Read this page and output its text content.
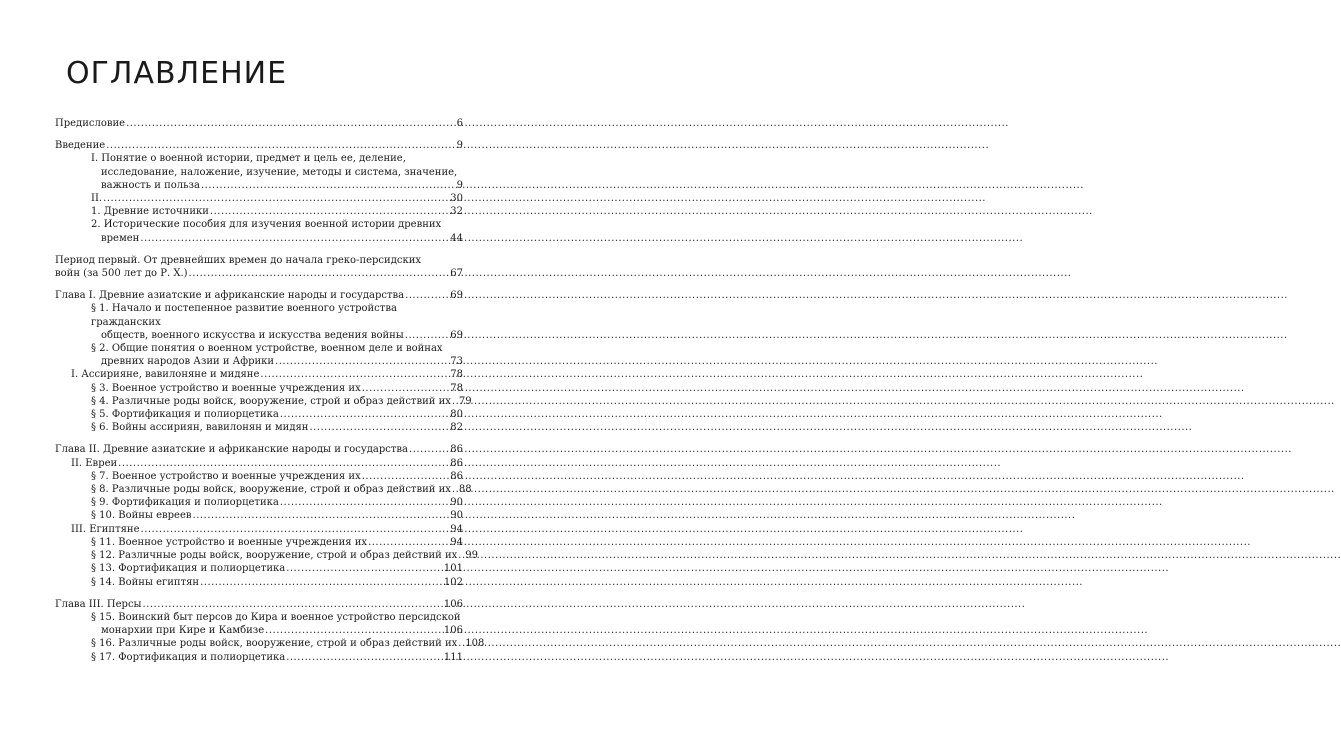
ОГЛАВЛЕНИЕ
Предисловие .....	6
Введение .....	9
I. Понятие о военной истории, предмет и цель ее, деление, исследование, наложение, изучение, методы и система, значение,
важность и польза .....	9
II. .....	30
1. Древние источники .....	32
2. Исторические пособия для изучения военной истории древних
времен .....	44
Период первый. От древнейших времен до начала греко-персидских
войн (за 500 лет до Р. Х.) .....	67
Глава I. Древние азиатские и африканские народы и государства .....	69
§ 1. Начало и постепенное развитие военного устройства гражданских
обществ, военного искусства и искусства ведения войны .....	69
§ 2. Общие понятия о военном устройстве, военном деле и войнах
древних народов Азии и Африки .....	73
I. Ассирияне, вавилоняне и мидяне .....	78
§ 3. Военное устройство и военные учреждения их .....	78
§ 4. Различные роды войск, вооружение, строй и образ действий их ..... 79
§ 5. Фортификация и полиорцетика .....	80
§ 6. Войны ассириян, вавилонян и мидян .....	82
Глава II. Древние азиатские и африканские народы и государства .....	86
II. Евреи .....	86
§ 7. Военное устройство и военные учреждения их .....	86
§ 8. Различные роды войск, вооружение, строй и образ действий их ..... 88
§ 9. Фортификация и полиорцетика .....	90
§ 10. Войны евреев .....	90
III. Египтяне .....	94
§ 11. Военное устройство и военные учреждения их .....	94
§ 12. Различные роды войск, вооружение, строй и образ действий их ..... 99
§ 13. Фортификация и полиорцетика .....	101
§ 14. Войны египтян .....	102
Глава III. Персы .....	106
§ 15. Воинский быт персов до Кира и военное устройство персидской
монархии при Кире и Камбизе .....	106
§ 16. Различные роды войск, вооружение, строй и образ действий их ..... 108
§ 17. Фортификация и полиорцетика .....	111
